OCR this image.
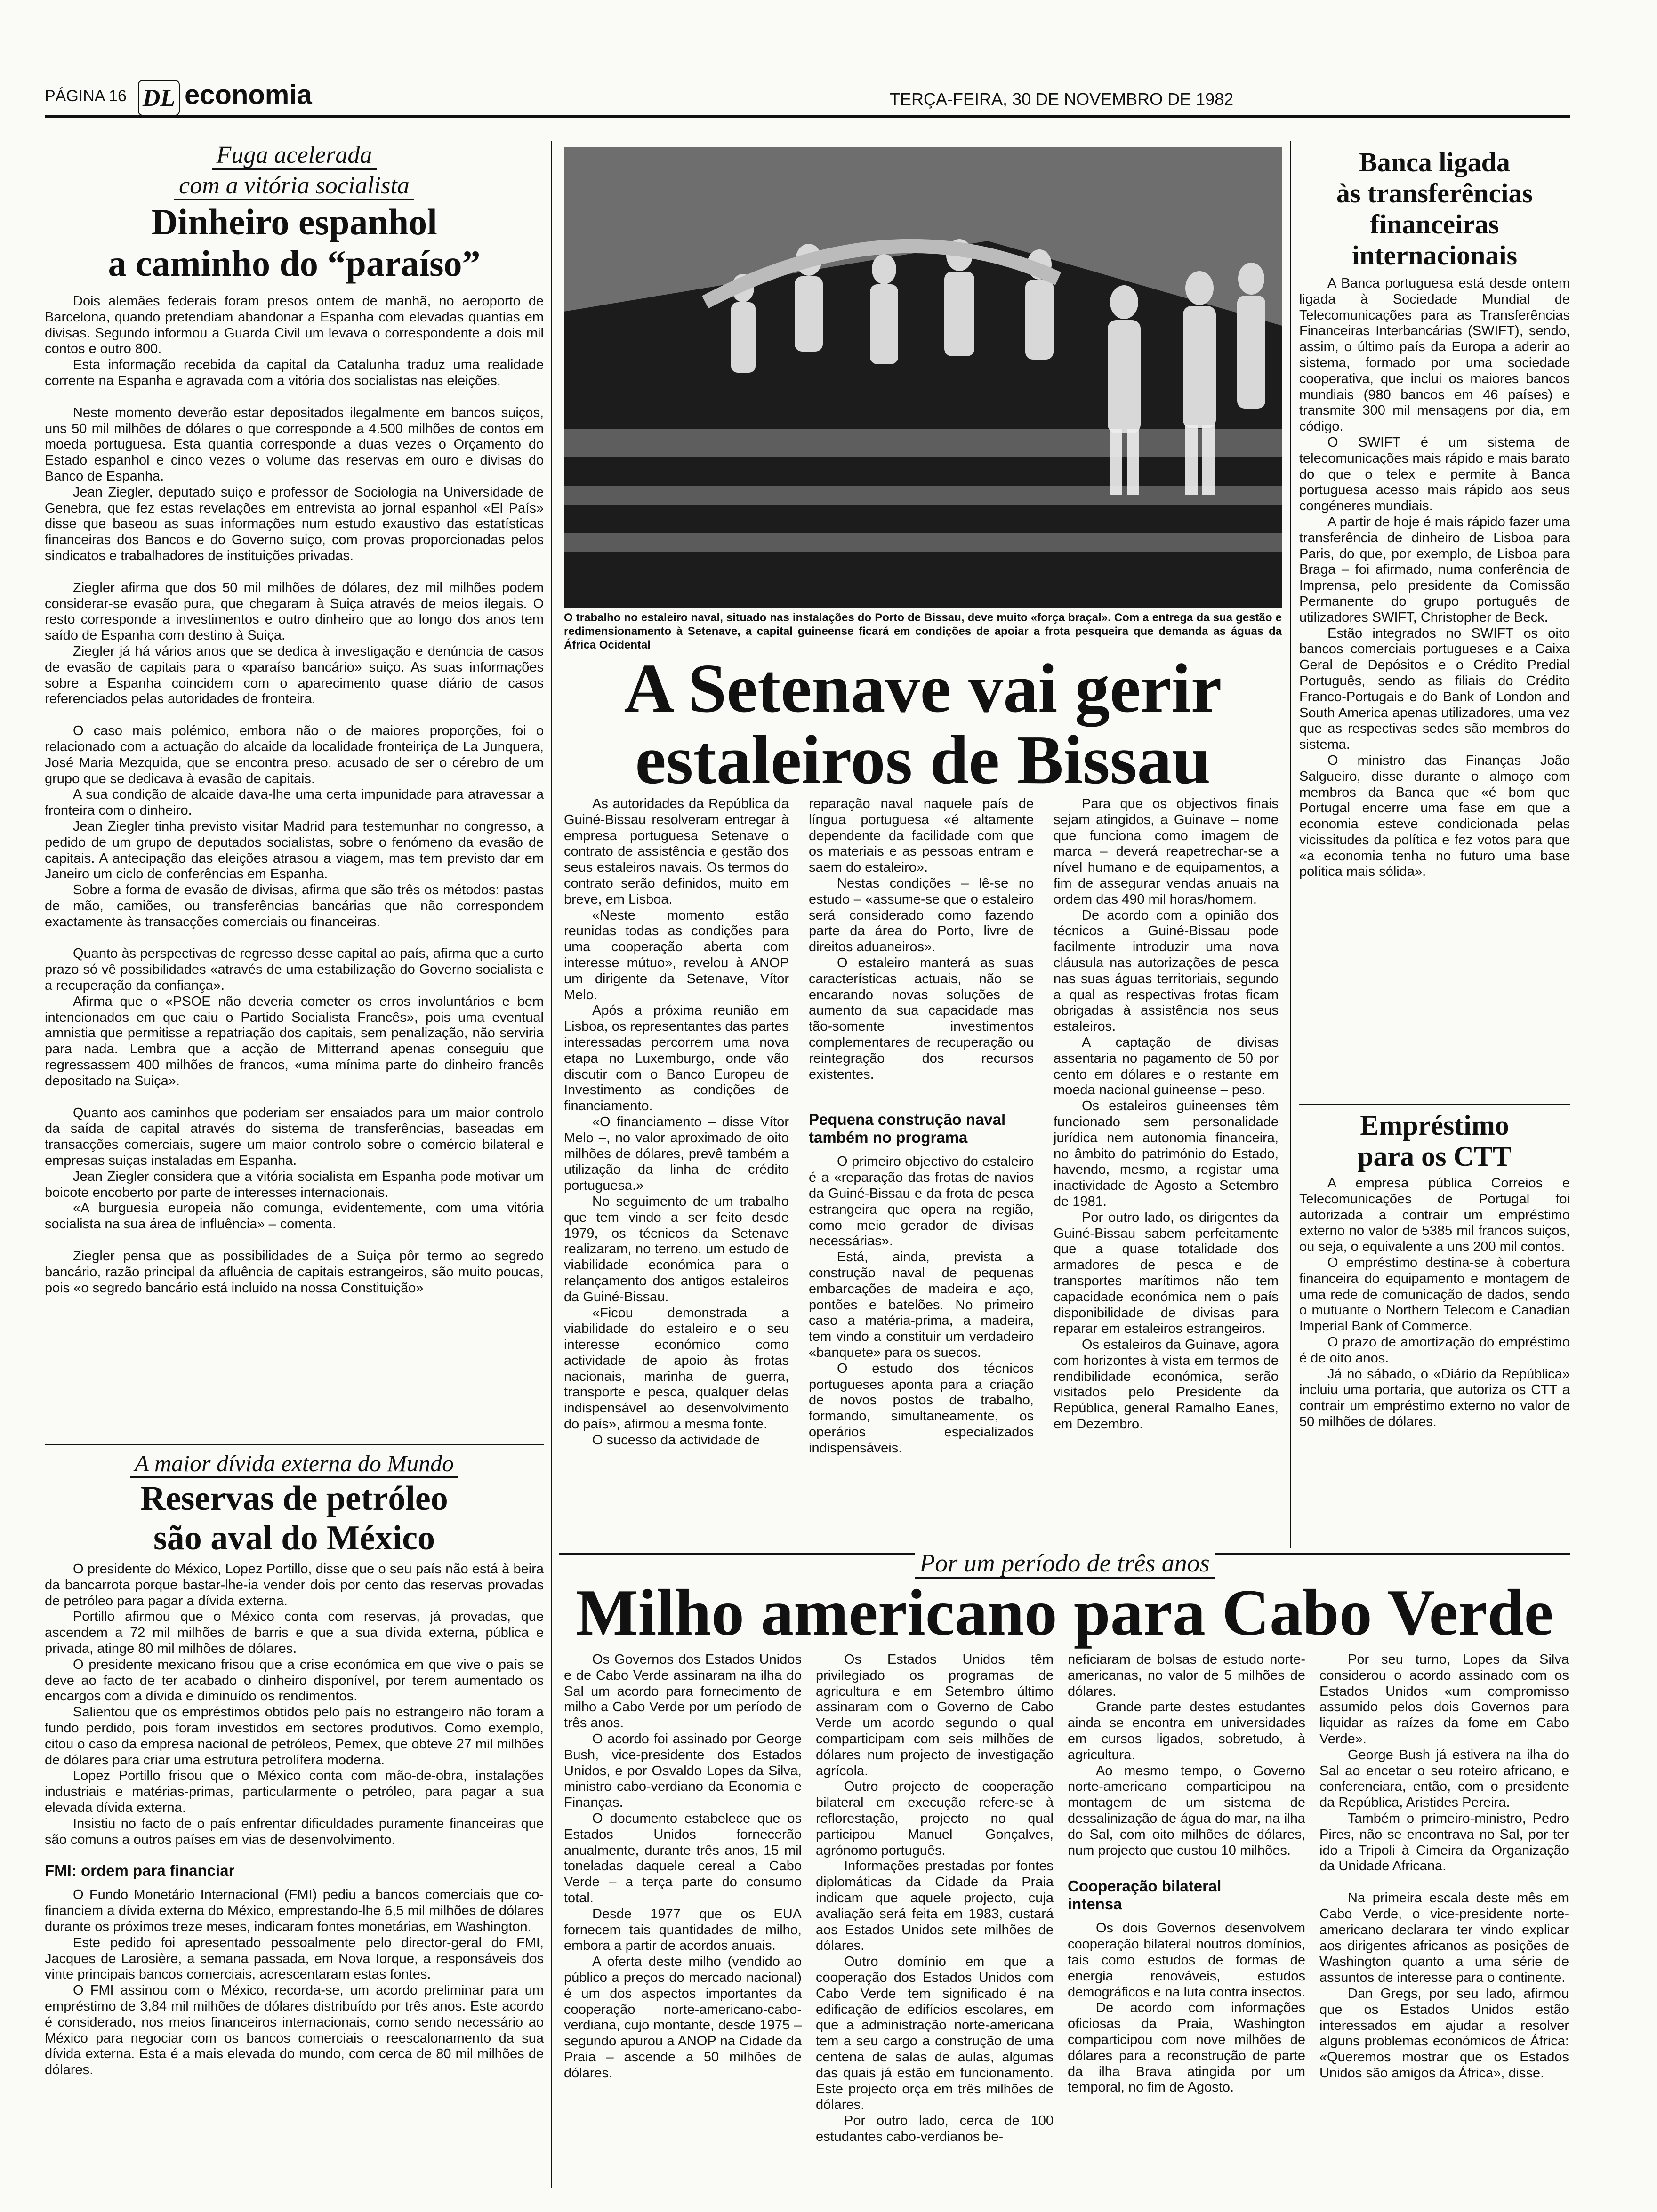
PÁGINA 16 DL economia	TERÇA-FEIRA, 30 DE NOVEMBRO DE 1982
Fuga acelerada
com a vitória socialista
Dinheiro espanhol
a caminho do “paraíso”

Dois alemães federais foram presos ontem de manhã, no aeroporto de Barcelona, quando pretendiam abandonar a Espanha com elevadas quantias em divisas. Segundo informou a Guarda Civil um levava o correspondente a dois mil contos e outro 800.

Esta informação recebida da capital da Catalunha traduz uma realidade corrente na Espanha e agravada com a vitória dos socialistas nas eleições.

Neste momento deverão estar depositados ilegalmente em bancos suiços, uns 50 mil milhões de dólares o que corresponde a 4.500 milhões de contos em moeda portuguesa. Esta quantia corresponde a duas vezes o Orçamento do Estado espanhol e cinco vezes o volume das reservas em ouro e divisas do Banco de Espanha.

Jean Ziegler, deputado suiço e professor de Sociologia na Universidade de Genebra, que fez estas revelações em entrevista ao jornal espanhol «El País» disse que baseou as suas informações num estudo exaustivo das estatísticas financeiras dos Bancos e do Governo suiço, com provas proporcionadas pelos sindicatos e trabalhadores de instituições privadas.

Ziegler afirma que dos 50 mil milhões de dólares, dez mil milhões podem considerar-se evasão pura, que chegaram à Suiça através de meios ilegais. O resto corresponde a investimentos e outro dinheiro que ao longo dos anos tem saído de Espanha com destino à Suiça.

Ziegler já há vários anos que se dedica à investigação e denúncia de casos de evasão de capitais para o «paraíso bancário» suiço. As suas informações sobre a Espanha coincidem com o aparecimento quase diário de casos referenciados pelas autoridades de fronteira.

O caso mais polémico, embora não o de maiores proporções, foi o relacionado com a actuação do alcaide da localidade fronteiriça de La Junquera, José Maria Mezquida, que se encontra preso, acusado de ser o cérebro de um grupo que se dedicava à evasão de capitais.

A sua condição de alcaide dava-lhe uma certa impunidade para atravessar a fronteira com o dinheiro.

Jean Ziegler tinha previsto visitar Madrid para testemunhar no congresso, a pedido de um grupo de deputados socialistas, sobre o fenómeno da evasão de capitais. A antecipação das eleições atrasou a viagem, mas tem previsto dar em Janeiro um ciclo de conferências em Espanha.

Sobre a forma de evasão de divisas, afirma que são três os métodos: pastas de mão, camiões, ou transferências bancárias que não correspondem exactamente às transacções comerciais ou financeiras.

Quanto às perspectivas de regresso desse capital ao país, afirma que a curto prazo só vê possibilidades «através de uma estabilização do Governo socialista e a recuperação da confiança».

Afirma que o «PSOE não deveria cometer os erros involuntários e bem intencionados em que caiu o Partido Socialista Francês», pois uma eventual amnistia que permitisse a repatriação dos capitais, sem penalização, não serviria para nada. Lembra que a acção de Mitterrand apenas conseguiu que regressassem 400 milhões de francos, «uma mínima parte do dinheiro francês depositado na Suiça».

Quanto aos caminhos que poderiam ser ensaiados para um maior controlo da saída de capital através do sistema de transferências, baseadas em transacções comerciais, sugere um maior controlo sobre o comércio bilateral e empresas suiças instaladas em Espanha.

Jean Ziegler considera que a vitória socialista em Espanha pode motivar um boicote encoberto por parte de interesses internacionais.

«A burguesia europeia não comunga, evidentemente, com uma vitória socialista na sua área de influência» – comenta.

Ziegler pensa que as possibilidades de a Suiça pôr termo ao segredo bancário, razão principal da afluência de capitais estrangeiros, são muito poucas, pois «o segredo bancário está incluido na nossa Constituição»

A maior dívida externa do Mundo
Reservas de petróleo
são aval do México

O presidente do México, Lopez Portillo, disse que o seu país não está à beira da bancarrota porque bastar-lhe-ia vender dois por cento das reservas provadas de petróleo para pagar a dívida externa.

Portillo afirmou que o México conta com reservas, já provadas, que ascendem a 72 mil milhões de barris e que a sua dívida externa, pública e privada, atinge 80 mil milhões de dólares.

O presidente mexicano frisou que a crise económica em que vive o país se deve ao facto de ter acabado o dinheiro disponível, por terem aumentado os encargos com a dívida e diminuído os rendimentos.

Salientou que os empréstimos obtidos pelo país no estrangeiro não foram a fundo perdido, pois foram investidos em sectores produtivos. Como exemplo, citou o caso da empresa nacional de petróleos, Pemex, que obteve 27 mil milhões de dólares para criar uma estrutura petrolífera moderna.

Lopez Portillo frisou que o México conta com mão-de-obra, instalações industriais e matérias-primas, particularmente o petróleo, para pagar a sua elevada dívida externa.

Insistiu no facto de o país enfrentar dificuldades puramente financeiras que são comuns a outros países em vias de desenvolvimento.

FMI: ordem para financiar

O Fundo Monetário Internacional (FMI) pediu a bancos comerciais que co-financiem a dívida externa do México, emprestando-lhe 6,5 mil milhões de dólares durante os próximos treze meses, indicaram fontes monetárias, em Washington.

Este pedido foi apresentado pessoalmente pelo director-geral do FMI, Jacques de Larosière, a semana passada, em Nova Iorque, a responsáveis dos vinte principais bancos comerciais, acrescentaram estas fontes.

O FMI assinou com o México, recorda-se, um acordo preliminar para um empréstimo de 3,84 mil milhões de dólares distribuído por três anos. Este acordo é considerado, nos meios financeiros internacionais, como sendo necessário ao México para negociar com os bancos comerciais o reescalonamento da sua dívida externa. Esta é a mais elevada do mundo, com cerca de 80 mil milhões de dólares.

O trabalho no estaleiro naval, situado nas instalações do Porto de Bissau, deve muito «força braçal». Com a entrega da sua gestão e redimensionamento à Setenave, a capital guineense ficará em condições de apoiar a frota pesqueira que demanda as águas da África Ocidental
A Setenave vai gerir
estaleiros de Bissau

As autoridades da República da Guiné-Bissau resolveram entregar à empresa portuguesa Setenave o contrato de assistência e gestão dos seus estaleiros navais. Os termos do contrato serão definidos, muito em breve, em Lisboa.

«Neste momento estão reunidas todas as condições para uma cooperação aberta com interesse mútuo», revelou à ANOP um dirigente da Setenave, Vítor Melo.

Após a próxima reunião em Lisboa, os representantes das partes interessadas percorrem uma nova etapa no Luxemburgo, onde vão discutir com o Banco Europeu de Investimento as condições de financiamento.

«O financiamento – disse Vítor Melo –, no valor aproximado de oito milhões de dólares, prevê também a utilização da linha de crédito portuguesa.»

No seguimento de um trabalho que tem vindo a ser feito desde 1979, os técnicos da Setenave realizaram, no terreno, um estudo de viabilidade económica para o relançamento dos antigos estaleiros da Guiné-Bissau.

«Ficou demonstrada a viabilidade do estaleiro e o seu interesse económico como actividade de apoio às frotas nacionais, marinha de guerra, transporte e pesca, qualquer delas indispensável ao desenvolvimento do país», afirmou a mesma fonte.

O sucesso da actividade de

reparação naval naquele país de língua portuguesa «é altamente dependente da facilidade com que os materiais e as pessoas entram e saem do estaleiro».

Nestas condições – lê-se no estudo – «assume-se que o estaleiro será considerado como fazendo parte da área do Porto, livre de direitos aduaneiros».

O estaleiro manterá as suas características actuais, não se encarando novas soluções de aumento da sua capacidade mas tão-somente investimentos complementares de recuperação ou reintegração dos recursos existentes.

Pequena construção naval
também no programa

O primeiro objectivo do estaleiro é a «reparação das frotas de navios da Guiné-Bissau e da frota de pesca estrangeira que opera na região, como meio gerador de divisas necessárias».

Está, ainda, prevista a construção naval de pequenas embarcações de madeira e aço, pontões e batelões. No primeiro caso a matéria-prima, a madeira, tem vindo a constituir um verdadeiro «banquete» para os suecos.

O estudo dos técnicos portugueses aponta para a criação de novos postos de trabalho, formando, simultaneamente, os operários especializados indispensáveis.

Para que os objectivos finais sejam atingidos, a Guinave – nome que funciona como imagem de marca – deverá reapetrechar-se a nível humano e de equipamentos, a fim de assegurar vendas anuais na ordem das 490 mil horas/homem.

De acordo com a opinião dos técnicos a Guiné-Bissau pode facilmente introduzir uma nova cláusula nas autorizações de pesca nas suas águas territoriais, segundo a qual as respectivas frotas ficam obrigadas à assistência nos seus estaleiros.

A captação de divisas assentaria no pagamento de 50 por cento em dólares e o restante em moeda nacional guineense – peso.

Os estaleiros guineenses têm funcionado sem personalidade jurídica nem autonomia financeira, no âmbito do património do Estado, havendo, mesmo, a registar uma inactividade de Agosto a Setembro de 1981.

Por outro lado, os dirigentes da Guiné-Bissau sabem perfeitamente que a quase totalidade dos armadores de pesca e de transportes marítimos não tem capacidade económica nem o país disponibilidade de divisas para reparar em estaleiros estrangeiros.

Os estaleiros da Guinave, agora com horizontes à vista em termos de rendibilidade económica, serão visitados pelo Presidente da República, general Ramalho Eanes, em Dezembro.

Banca ligada
às transferências
financeiras
internacionais

A Banca portuguesa está desde ontem ligada à Sociedade Mundial de Telecomunicações para as Transferências Financeiras Interbancárias (SWIFT), sendo, assim, o último país da Europa a aderir ao sistema, formado por uma sociedade cooperativa, que inclui os maiores bancos mundiais (980 bancos em 46 países) e transmite 300 mil mensagens por dia, em código.

O SWIFT é um sistema de telecomunicações mais rápido e mais barato do que o telex e permite à Banca portuguesa acesso mais rápido aos seus congéneres mundiais.

A partir de hoje é mais rápido fazer uma transferência de dinheiro de Lisboa para Paris, do que, por exemplo, de Lisboa para Braga – foi afirmado, numa conferência de Imprensa, pelo presidente da Comissão Permanente do grupo português de utilizadores SWIFT, Christopher de Beck.

Estão integrados no SWIFT os oito bancos comerciais portugueses e a Caixa Geral de Depósitos e o Crédito Predial Português, sendo as filiais do Crédito Franco-Portugais e do Bank of London and South America apenas utilizadores, uma vez que as respectivas sedes são membros do sistema.

O ministro das Finanças João Salgueiro, disse durante o almoço com membros da Banca que «é bom que Portugal encerre uma fase em que a economia esteve condicionada pelas vicissitudes da política e fez votos para que «a economia tenha no futuro uma base política mais sólida».

Empréstimo
para os CTT

A empresa pública Correios e Telecomunicações de Portugal foi autorizada a contrair um empréstimo externo no valor de 5385 mil francos suiços, ou seja, o equivalente a uns 200 mil contos.

O empréstimo destina-se à cobertura financeira do equipamento e montagem de uma rede de comunicação de dados, sendo o mutuante o Northern Telecom e Canadian Imperial Bank of Commerce.

O prazo de amortização do empréstimo é de oito anos.

Já no sábado, o «Diário da República» incluiu uma portaria, que autoriza os CTT a contrair um empréstimo externo no valor de 50 milhões de dólares.

Por um período de três anos
Milho americano para Cabo Verde

Os Governos dos Estados Unidos e de Cabo Verde assinaram na ilha do Sal um acordo para fornecimento de milho a Cabo Verde por um período de três anos.

O acordo foi assinado por George Bush, vice-presidente dos Estados Unidos, e por Osvaldo Lopes da Silva, ministro cabo-verdiano da Economia e Finanças.

O documento estabelece que os Estados Unidos fornecerão anualmente, durante três anos, 15 mil toneladas daquele cereal a Cabo Verde – a terça parte do consumo total.

Desde 1977 que os EUA fornecem tais quantidades de milho, embora a partir de acordos anuais.

A oferta deste milho (vendido ao público a preços do mercado nacional) é um dos aspectos importantes da cooperação norte-americano-cabo-verdiana, cujo montante, desde 1975 – segundo apurou a ANOP na Cidade da Praia – ascende a 50 milhões de dólares.

Os Estados Unidos têm privilegiado os programas de agricultura e em Setembro último assinaram com o Governo de Cabo Verde um acordo segundo o qual comparticipam com seis milhões de dólares num projecto de investigação agrícola.

Outro projecto de cooperação bilateral em execução refere-se à reflorestação, projecto no qual participou Manuel Gonçalves, agrónomo português.

Informações prestadas por fontes diplomáticas da Cidade da Praia indicam que aquele projecto, cuja avaliação será feita em 1983, custará aos Estados Unidos sete milhões de dólares.

Outro domínio em que a cooperação dos Estados Unidos com Cabo Verde tem significado é na edificação de edifícios escolares, em que a administração norte-americana tem a seu cargo a construção de uma centena de salas de aulas, algumas das quais já estão em funcionamento. Este projecto orça em três milhões de dólares.

Por outro lado, cerca de 100 estudantes cabo-verdianos be-

neficiaram de bolsas de estudo norte-americanas, no valor de 5 milhões de dólares.

Grande parte destes estudantes ainda se encontra em universidades em cursos ligados, sobretudo, à agricultura.

Ao mesmo tempo, o Governo norte-americano comparticipou na montagem de um sistema de dessalinização de água do mar, na ilha do Sal, com oito milhões de dólares, num projecto que custou 10 milhões.

Cooperação bilateral
intensa

Os dois Governos desenvolvem cooperação bilateral noutros domínios, tais como estudos de formas de energia renováveis, estudos demográficos e na luta contra insectos.

De acordo com informações oficiosas da Praia, Washington comparticipou com nove milhões de dólares para a reconstrução de parte da ilha Brava atingida por um temporal, no fim de Agosto.

Por seu turno, Lopes da Silva considerou o acordo assinado com os Estados Unidos «um compromisso assumido pelos dois Governos para liquidar as raízes da fome em Cabo Verde».

George Bush já estivera na ilha do Sal ao encetar o seu roteiro africano, e conferenciara, então, com o presidente da República, Aristides Pereira.

Também o primeiro-ministro, Pedro Pires, não se encontrava no Sal, por ter ido a Tripoli à Cimeira da Organização da Unidade Africana.

Na primeira escala deste mês em Cabo Verde, o vice-presidente norte-americano declarara ter vindo explicar aos dirigentes africanos as posições de Washington quanto a uma série de assuntos de interesse para o continente.

Dan Gregs, por seu lado, afirmou que os Estados Unidos estão interessados em ajudar a resolver alguns problemas económicos de África: «Queremos mostrar que os Estados Unidos são amigos da África», disse.
